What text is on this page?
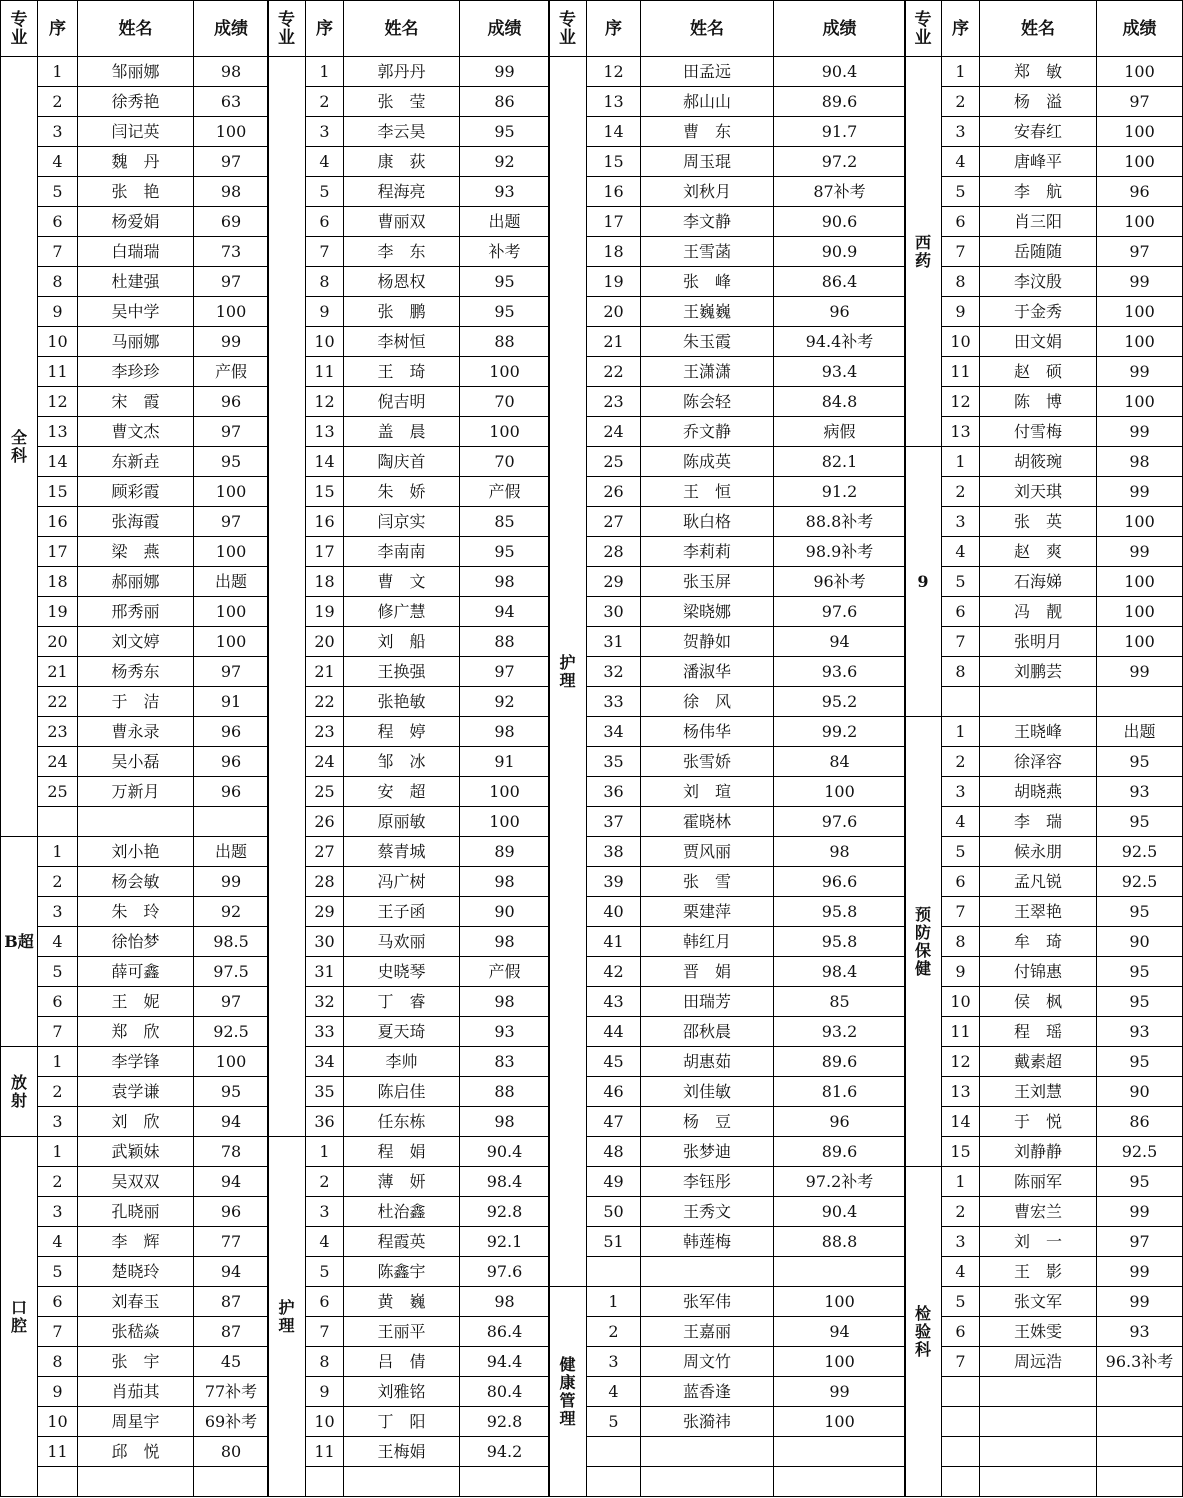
专
业	序	姓名	成绩
全
科	1	邹丽娜	98
	2	徐秀艳	63
	3	闫记英	100
	4	魏　丹	97
	5	张　艳	98
	6	杨爱娟	69
	7	白瑞瑞	73
	8	杜建强	97
	9	吴中学	100
	10	马丽娜	99
	11	李珍珍	产假
	12	宋　霞	96
	13	曹文杰	97
	14	东新垚	95
	15	顾彩霞	100
	16	张海霞	97
	17	梁　燕	100
	18	郝丽娜	出题
	19	邢秀丽	100
	20	刘文婷	100
	21	杨秀东	97
	22	于　洁	91
	23	曹永录	96
	24	吴小磊	96
	25	万新月	96

B超	1	刘小艳	出题
	2	杨会敏	99
	3	朱　玲	92
	4	徐怡梦	98.5
	5	薛可鑫	97.5
	6	王　妮	97
	7	郑　欣	92.5
放
射	1	李学锋	100
	2	袁学谦	95
	3	刘　欣	94
口
腔	1	武颖妹	78
	2	吴双双	94
	3	孔晓丽	96
	4	李　辉	77
	5	楚晓玲	94
	6	刘春玉	87
	7	张嵇焱	87
	8	张　宇	45
	9	肖茄其	77补考
	10	周星宇	69补考
	11	邱　悦	80

专
业	序	姓名	成绩
	1	郭丹丹	99
	2	张　莹	86
	3	李云昊	95
	4	康　荻	92
	5	程海亮	93
	6	曹丽双	出题
	7	李　东	补考
	8	杨恩权	95
	9	张　鹏	95
	10	李树恒	88
	11	王　琦	100
	12	倪吉明	70
	13	盖　晨	100
	14	陶庆首	70
	15	朱　娇	产假
	16	闫京实	85
	17	李南南	95
	18	曹　文	98
	19	修广慧	94
	20	刘　船	88
	21	王换强	97
	22	张艳敏	92
	23	程　婷	98
	24	邹　冰	91
	25	安　超	100
	26	原丽敏	100
	27	蔡青城	89
	28	冯广树	98
	29	王子函	90
	30	马欢丽	98
	31	史晓琴	产假
	32	丁　睿	98
	33	夏天琦	93
	34	李帅	83
	35	陈启佳	88
	36	任东栋	98
护
理	1	程　娟	90.4
	2	薄　妍	98.4
	3	杜治鑫	92.8
	4	程霞英	92.1
	5	陈鑫宇	97.6
	6	黄　巍	98
	7	王丽平	86.4
	8	吕　倩	94.4
	9	刘雅铭	80.4
	10	丁　阳	92.8
	11	王梅娟	94.2

专
业	序	姓名	成绩
护
理	12	田孟远	90.4
	13	郝山山	89.6
	14	曹　东	91.7
	15	周玉琨	97.2
	16	刘秋月	87补考
	17	李文静	90.6
	18	王雪菡	90.9
	19	张　峰	86.4
	20	王巍巍	96
	21	朱玉霞	94.4补考
	22	王潇潇	93.4
	23	陈会轻	84.8
	24	乔文静	病假
	25	陈成英	82.1
	26	王　恒	91.2
	27	耿白格	88.8补考
	28	李莉莉	98.9补考
	29	张玉屏	96补考
	30	梁晓娜	97.6
	31	贺静如	94
	32	潘淑华	93.6
	33	徐　风	95.2
	34	杨伟华	99.2
	35	张雪娇	84
	36	刘　瑄	100
	37	霍晓林	97.6
	38	贾风丽	98
	39	张　雪	96.6
	40	栗建萍	95.8
	41	韩红月	95.8
	42	晋　娟	98.4
	43	田瑞芳	85
	44	邵秋晨	93.2
	45	胡惠茹	89.6
	46	刘佳敏	81.6
	47	杨　豆	96
	48	张梦迪	89.6
	49	李钰彤	97.2补考
	50	王秀文	90.4
	51	韩莲梅	88.8

健
康
管
理	1	张军伟	100
	2	王嘉丽	94
	3	周文竹	100
	4	蓝香逢	99
	5	张漪祎	100

专
业	序	姓名	成绩
西
药	1	郑　敏	100
	2	杨　溢	97
	3	安春红	100
	4	唐峰平	100
	5	李　航	96
	6	肖三阳	100
	7	岳随随	97
	8	李汶殷	99
	9	于金秀	100
	10	田文娟	100
	11	赵　硕	99
	12	陈　博	100
	13	付雪梅	99
9	1	胡筱琬	98
	2	刘天琪	99
	3	张　英	100
	4	赵　爽	99
	5	石海娣	100
	6	冯　靓	100
	7	张明月	100
	8	刘鹏芸	99

预
防
保
健	1	王晓峰	出题
	2	徐泽容	95
	3	胡晓燕	93
	4	李　瑞	95
	5	候永朋	92.5
	6	孟凡锐	92.5
	7	王翠艳	95
	8	牟　琦	90
	9	付锦惠	95
	10	侯　枫	95
	11	程　瑶	93
	12	戴素超	95
	13	王刘慧	90
	14	于　悦	86
	15	刘静静	92.5
检
验
科	1	陈丽军	95
	2	曹宏兰	99
	3	刘　一	97
	4	王　影	99
	5	张文军	99
	6	王姝雯	93
	7	周远浩	96.3补考
